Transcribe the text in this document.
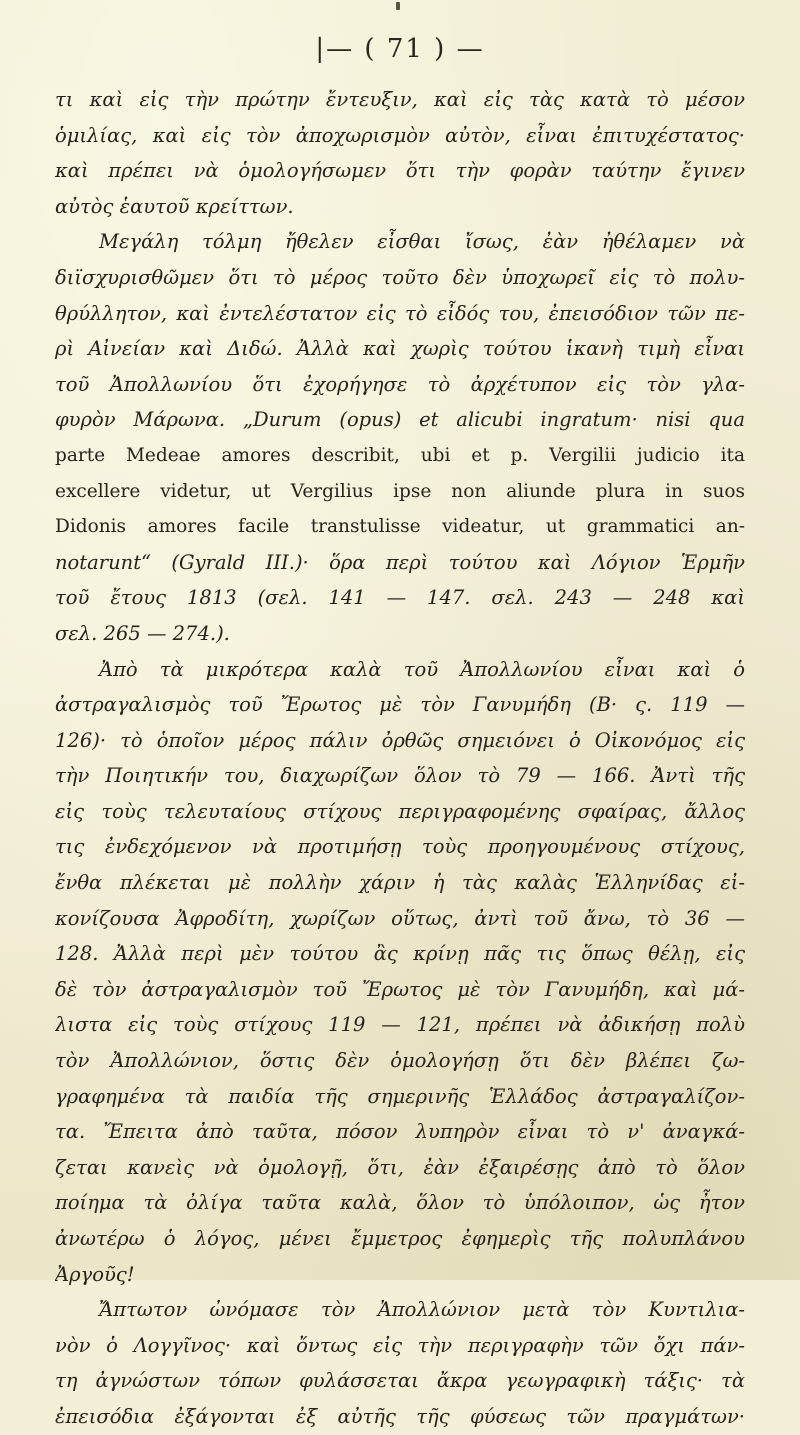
|— ( 71 ) —
τι καὶ εἰς τὴν πρώτην ἔντευξιν, καὶ εἰς τὰς κατὰ τὸ μέσον
ὁμιλίας, καὶ εἰς τὸν ἀποχωρισμὸν αὐτὸν, εἶναι ἐπιτυχέστατος·
καὶ πρέπει νὰ ὁμολογήσωμεν ὅτι τὴν φορὰν ταύτην ἔγινεν
αὐτὸς ἑαυτοῦ κρείττων.
Μεγάλη τόλμη ἤθελεν εἶσθαι ἴσως, ἐὰν ἠθέλαμεν νὰ
διϊσχυρισθῶμεν ὅτι τὸ μέρος τοῦτο δὲν ὑποχωρεῖ εἰς τὸ πολυ-
θρύλλητον, καὶ ἐντελέστατον εἰς τὸ εἶδός του, ἐπεισόδιον τῶν πε-
ρὶ Αἰνείαν καὶ Διδώ. Ἀλλὰ καὶ χωρὶς τούτου ἱκανὴ τιμὴ εἶναι
τοῦ Ἀπολλωνίου ὅτι ἐχορήγησε τὸ ἀρχέτυπον εἰς τὸν γλα-
φυρὸν Μάρωνα. „Durum (opus) et alicubi ingratum· nisi qua
parte Medeae amores describit, ubi et p. Vergilii judicio ita
excellere videtur, ut Vergilius ipse non aliunde plura in suos
Didonis amores facile transtulisse videatur, ut grammatici an-
notarunt“ (Gyrald III.)· ὅρα περὶ τούτου καὶ Λόγιον Ἑρμῆν
τοῦ ἔτους 1813 (σελ. 141 — 147. σελ. 243 — 248 καὶ
σελ. 265 — 274.).
Ἀπὸ τὰ μικρότερα καλὰ τοῦ Ἀπολλωνίου εἶναι καὶ ὁ
ἀστραγαλισμὸς τοῦ Ἔρωτος μὲ τὸν Γανυμήδη (Β· ς. 119 —
126)· τὸ ὁποῖον μέρος πάλιν ὀρθῶς σημειόνει ὁ Οἰκονόμος εἰς
τὴν Ποιητικήν του, διαχωρίζων ὅλον τὸ 79 — 166. Ἀντὶ τῆς
εἰς τοὺς τελευταίους στίχους περιγραφομένης σφαίρας, ἄλλος
τις ἐνδεχόμενον νὰ προτιμήσῃ τοὺς προηγουμένους στίχους,
ἔνθα πλέκεται μὲ πολλὴν χάριν ἡ τὰς καλὰς Ἑλληνίδας εἰ-
κονίζουσα Ἀφροδίτη, χωρίζων οὕτως, ἀντὶ τοῦ ἄνω, τὸ 36 —
128. Ἀλλὰ περὶ μὲν τούτου ἂς κρίνῃ πᾶς τις ὅπως θέλῃ, εἰς
δὲ τὸν ἀστραγαλισμὸν τοῦ Ἔρωτος μὲ τὸν Γανυμήδη, καὶ μά-
λιστα εἰς τοὺς στίχους 119 — 121, πρέπει νὰ ἀδικήσῃ πολὺ
τὸν Ἀπολλώνιον, ὅστις δὲν ὁμολογήσῃ ὅτι δὲν βλέπει ζω-
γραφημένα τὰ παιδία τῆς σημερινῆς Ἑλλάδος ἀστραγαλίζον-
τα. Ἔπειτα ἀπὸ ταῦτα, πόσον λυπηρὸν εἶναι τὸ ν' ἀναγκά-
ζεται κανεὶς νὰ ὁμολογῇ, ὅτι, ἐὰν ἐξαιρέσῃς ἀπὸ τὸ ὅλον
ποίημα τὰ ὀλίγα ταῦτα καλὰ, ὅλον τὸ ὑπόλοιπον, ὡς ἦτον
ἀνωτέρω ὁ λόγος, μένει ἔμμετρος ἐφημερὶς τῆς πολυπλάνου
Ἀργοῦς!
Ἄπτωτον ὠνόμασε τὸν Ἀπολλώνιον μετὰ τὸν Κυντιλια-
νὸν ὁ Λογγῖνος· καὶ ὄντως εἰς τὴν περιγραφὴν τῶν ὄχι πάν-
τη ἀγνώστων τόπων φυλάσσεται ἄκρα γεωγραφικὴ τάξις· τὰ
ἐπεισόδια ἐξάγονται ἐξ αὐτῆς τῆς φύσεως τῶν πραγμάτων·
